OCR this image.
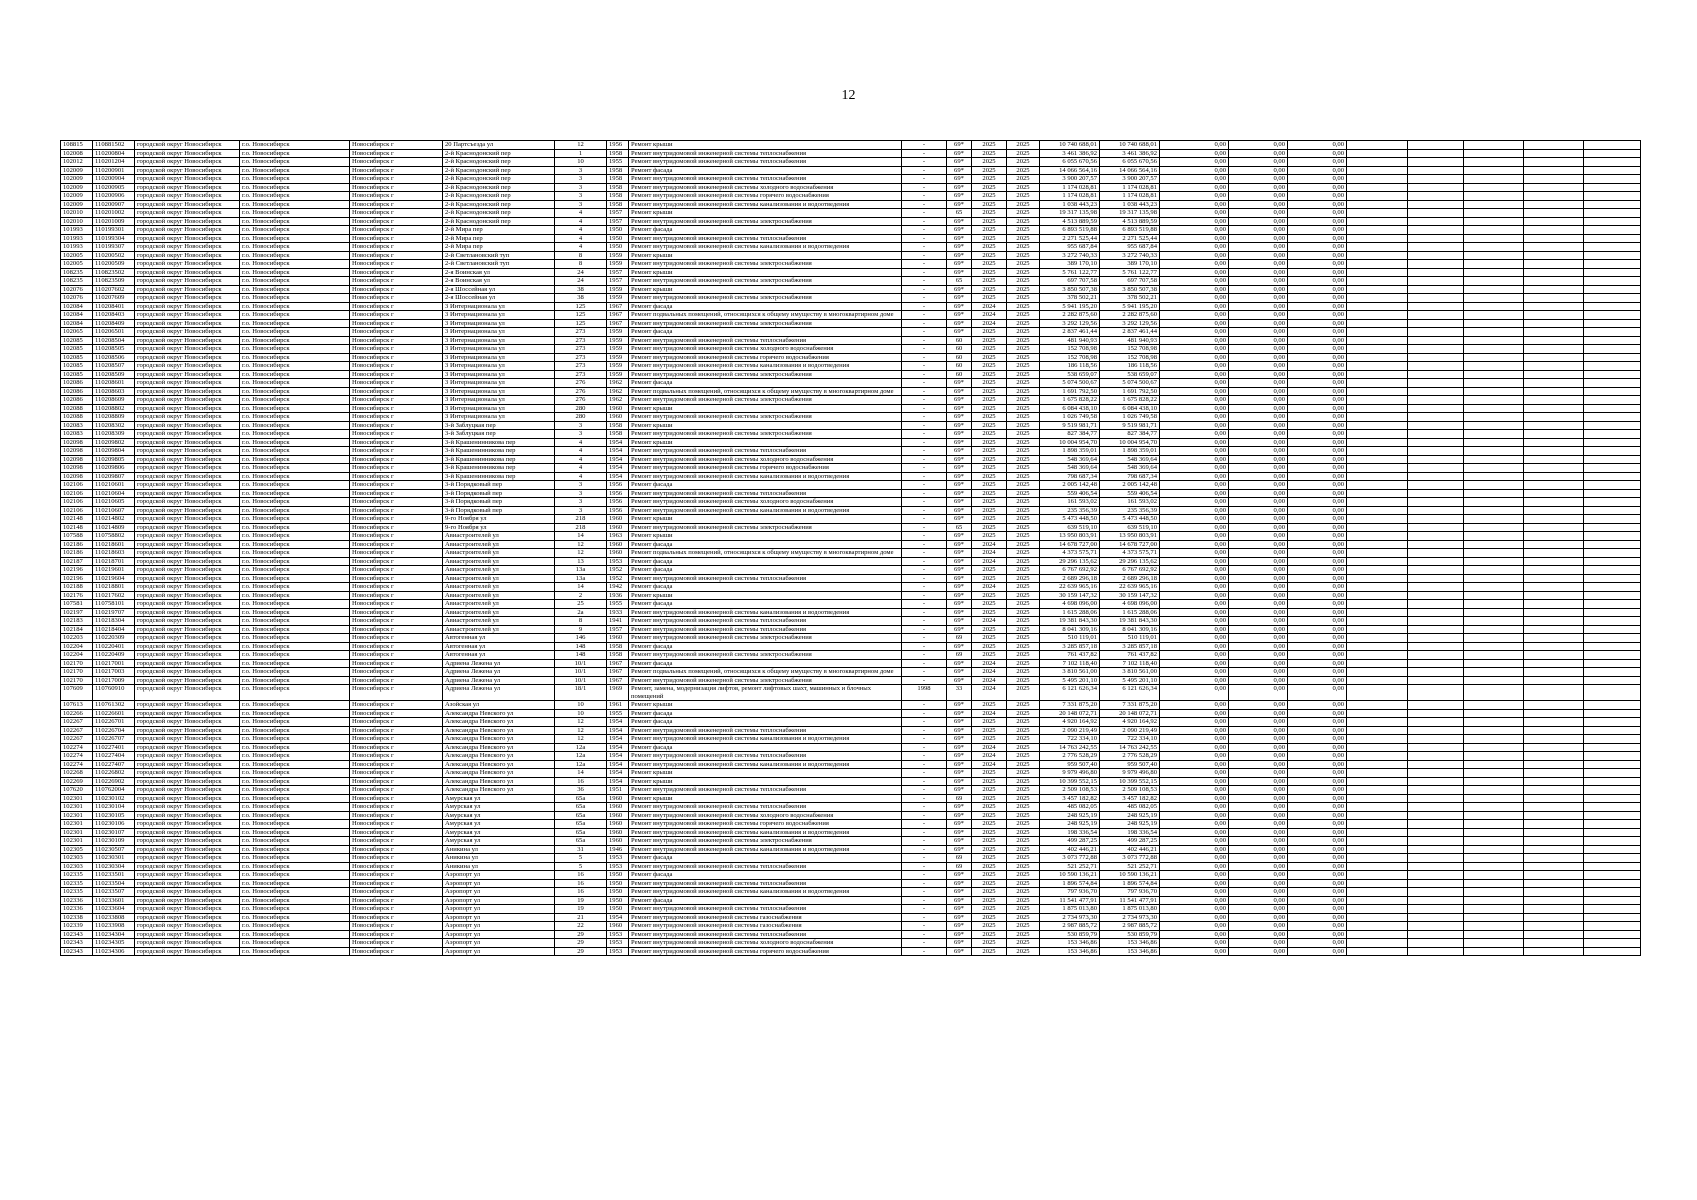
12
108815	110881502	городской округ Новосибирск	г.о. Новосибирск	Новосибирск г	20 Партсъезда ул	12	1956	Ремонт крыши	-	69*	2025	2025	10 740 688,01	10 740 688,01	0,00	0,00	0,00					
102008	110200804	городской округ Новосибирск	г.о. Новосибирск	Новосибирск г	2-й Краснодонский пер	1	1958	Ремонт внутридомовой инженерной системы теплоснабжения	-	69*	2025	2025	3 461 386,92	3 461 386,92	0,00	0,00	0,00					
102012	110201204	городской округ Новосибирск	г.о. Новосибирск	Новосибирск г	2-й Краснодонский пер	10	1955	Ремонт внутридомовой инженерной системы теплоснабжения	-	69*	2025	2025	6 055 670,56	6 055 670,56	0,00	0,00	0,00					
102009	110200901	городской округ Новосибирск	г.о. Новосибирск	Новосибирск г	2-й Краснодонский пер	3	1958	Ремонт фасада	-	69*	2025	2025	14 066 564,16	14 066 564,16	0,00	0,00	0,00					
102009	110200904	городской округ Новосибирск	г.о. Новосибирск	Новосибирск г	2-й Краснодонский пер	3	1958	Ремонт внутридомовой инженерной системы теплоснабжения	-	69*	2025	2025	3 900 207,57	3 900 207,57	0,00	0,00	0,00					
102009	110200905	городской округ Новосибирск	г.о. Новосибирск	Новосибирск г	2-й Краснодонский пер	3	1958	Ремонт внутридомовой инженерной системы холодного водоснабжения	-	69*	2025	2025	1 174 028,81	1 174 028,81	0,00	0,00	0,00					
102009	110200906	городской округ Новосибирск	г.о. Новосибирск	Новосибирск г	2-й Краснодонский пер	3	1958	Ремонт внутридомовой инженерной системы горячего водоснабжения	-	69*	2025	2025	1 174 028,81	1 174 028,81	0,00	0,00	0,00					
102009	110200907	городской округ Новосибирск	г.о. Новосибирск	Новосибирск г	2-й Краснодонский пер	3	1958	Ремонт внутридомовой инженерной системы канализования и водоотведения	-	69*	2025	2025	1 038 443,23	1 038 443,23	0,00	0,00	0,00					
102010	110201002	городской округ Новосибирск	г.о. Новосибирск	Новосибирск г	2-й Краснодонский пер	4	1957	Ремонт крыши	-	65	2025	2025	19 317 135,98	19 317 135,98	0,00	0,00	0,00					
102010	110201009	городской округ Новосибирск	г.о. Новосибирск	Новосибирск г	2-й Краснодонский пер	4	1957	Ремонт внутридомовой инженерной системы электроснабжения	-	69*	2025	2025	4 513 889,59	4 513 889,59	0,00	0,00	0,00					
101993	110199301	городской округ Новосибирск	г.о. Новосибирск	Новосибирск г	2-й Мира пер	4	1950	Ремонт фасада	-	69*	2025	2025	6 893 519,88	6 893 519,88	0,00	0,00	0,00					
101993	110199304	городской округ Новосибирск	г.о. Новосибирск	Новосибирск г	2-й Мира пер	4	1950	Ремонт внутридомовой инженерной системы теплоснабжения	-	69*	2025	2025	2 271 525,44	2 271 525,44	0,00	0,00	0,00					
101993	110199307	городской округ Новосибирск	г.о. Новосибирск	Новосибирск г	2-й Мира пер	4	1950	Ремонт внутридомовой инженерной системы канализования и водоотведения	-	69*	2025	2025	955 687,84	955 687,84	0,00	0,00	0,00					
102005	110200502	городской округ Новосибирск	г.о. Новосибирск	Новосибирск г	2-й Светлановский туп	8	1959	Ремонт крыши	-	69*	2025	2025	3 272 740,33	3 272 740,33	0,00	0,00	0,00					
102005	110200509	городской округ Новосибирск	г.о. Новосибирск	Новосибирск г	2-й Светлановский туп	8	1959	Ремонт внутридомовой инженерной системы электроснабжения	-	69*	2025	2025	389 170,10	389 170,10	0,00	0,00	0,00					
108235	110823502	городской округ Новосибирск	г.о. Новосибирск	Новосибирск г	2-я Воинская ул	24	1957	Ремонт крыши	-	69*	2025	2025	5 761 122,77	5 761 122,77	0,00	0,00	0,00					
108235	110823509	городской округ Новосибирск	г.о. Новосибирск	Новосибирск г	2-я Воинская ул	24	1957	Ремонт внутридомовой инженерной системы электроснабжения	-	65	2025	2025	697 707,58	697 707,58	0,00	0,00	0,00					
102076	110207602	городской округ Новосибирск	г.о. Новосибирск	Новосибирск г	2-я Шоссейная ул	38	1959	Ремонт крыши	-	69*	2025	2025	3 850 507,38	3 850 507,38	0,00	0,00	0,00					
102076	110207609	городской округ Новосибирск	г.о. Новосибирск	Новосибирск г	2-я Шоссейная ул	38	1959	Ремонт внутридомовой инженерной системы электроснабжения	-	69*	2025	2025	378 502,21	378 502,21	0,00	0,00	0,00					
102084	110208401	городской округ Новосибирск	г.о. Новосибирск	Новосибирск г	3 Интернационала ул	125	1967	Ремонт фасада	-	69*	2024	2025	5 941 195,20	5 941 195,20	0,00	0,00	0,00					
102084	110208403	городской округ Новосибирск	г.о. Новосибирск	Новосибирск г	3 Интернационала ул	125	1967	Ремонт подвальных помещений, относящихся к общему имуществу в многоквартирном доме	-	69*	2024	2025	2 282 875,60	2 282 875,60	0,00	0,00	0,00					
102084	110208409	городской округ Новосибирск	г.о. Новосибирск	Новосибирск г	3 Интернационала ул	125	1967	Ремонт внутридомовой инженерной системы электроснабжения	-	69*	2024	2025	3 292 129,56	3 292 129,56	0,00	0,00	0,00					
102065	110206501	городской округ Новосибирск	г.о. Новосибирск	Новосибирск г	3 Интернационала ул	273	1959	Ремонт фасада	-	69*	2025	2025	2 837 461,44	2 837 461,44	0,00	0,00	0,00					
102085	110208504	городской округ Новосибирск	г.о. Новосибирск	Новосибирск г	3 Интернационала ул	273	1959	Ремонт внутридомовой инженерной системы теплоснабжения	-	60	2025	2025	481 940,93	481 940,93	0,00	0,00	0,00					
102085	110208505	городской округ Новосибирск	г.о. Новосибирск	Новосибирск г	3 Интернационала ул	273	1959	Ремонт внутридомовой инженерной системы холодного водоснабжения	-	60	2025	2025	152 708,98	152 708,98	0,00	0,00	0,00					
102085	110208506	городской округ Новосибирск	г.о. Новосибирск	Новосибирск г	3 Интернационала ул	273	1959	Ремонт внутридомовой инженерной системы горячего водоснабжения	-	60	2025	2025	152 708,98	152 708,98	0,00	0,00	0,00					
102085	110208507	городской округ Новосибирск	г.о. Новосибирск	Новосибирск г	3 Интернационала ул	273	1959	Ремонт внутридомовой инженерной системы канализования и водоотведения	-	60	2025	2025	186 118,56	186 118,56	0,00	0,00	0,00					
102085	110208509	городской округ Новосибирск	г.о. Новосибирск	Новосибирск г	3 Интернационала ул	273	1959	Ремонт внутридомовой инженерной системы электроснабжения	-	60	2025	2025	538 659,07	538 659,07	0,00	0,00	0,00					
102086	110208601	городской округ Новосибирск	г.о. Новосибирск	Новосибирск г	3 Интернационала ул	276	1962	Ремонт фасада	-	69*	2025	2025	5 074 500,67	5 074 500,67	0,00	0,00	0,00					
102086	110208603	городской округ Новосибирск	г.о. Новосибирск	Новосибирск г	3 Интернационала ул	276	1962	Ремонт подвальных помещений, относящихся к общему имуществу в многоквартирном доме	-	69*	2025	2025	1 691 792,50	1 691 792,50	0,00	0,00	0,00					
102086	110208609	городской округ Новосибирск	г.о. Новосибирск	Новосибирск г	3 Интернационала ул	276	1962	Ремонт внутридомовой инженерной системы электроснабжения	-	69*	2025	2025	1 675 828,22	1 675 828,22	0,00	0,00	0,00					
102088	110208802	городской округ Новосибирск	г.о. Новосибирск	Новосибирск г	3 Интернационала ул	280	1960	Ремонт крыши	-	69*	2025	2025	6 084 438,10	6 084 438,10	0,00	0,00	0,00					
102088	110208809	городской округ Новосибирск	г.о. Новосибирск	Новосибирск г	3 Интернационала ул	280	1960	Ремонт внутридомовой инженерной системы электроснабжения	-	69*	2025	2025	1 026 749,58	1 026 749,58	0,00	0,00	0,00					
102083	110208302	городской округ Новосибирск	г.о. Новосибирск	Новосибирск г	3-й Заблуцкая пер	3	1958	Ремонт крыши	-	69*	2025	2025	9 519 981,71	9 519 981,71	0,00	0,00	0,00					
102083	110208309	городской округ Новосибирск	г.о. Новосибирск	Новосибирск г	3-й Заблуцкая пер	3	1958	Ремонт внутридомовой инженерной системы электроснабжения	-	69*	2025	2025	827 384,77	827 384,77	0,00	0,00	0,00					
102098	110209802	городской округ Новосибирск	г.о. Новосибирск	Новосибирск г	3-й Крашенинникова пер	4	1954	Ремонт крыши	-	69*	2025	2025	10 004 954,70	10 004 954,70	0,00	0,00	0,00					
102098	110209804	городской округ Новосибирск	г.о. Новосибирск	Новосибирск г	3-й Крашенинникова пер	4	1954	Ремонт внутридомовой инженерной системы теплоснабжения	-	69*	2025	2025	1 898 359,01	1 898 359,01	0,00	0,00	0,00					
102098	110209805	городской округ Новосибирск	г.о. Новосибирск	Новосибирск г	3-й Крашенинникова пер	4	1954	Ремонт внутридомовой инженерной системы холодного водоснабжения	-	69*	2025	2025	548 369,64	548 369,64	0,00	0,00	0,00					
102098	110209806	городской округ Новосибирск	г.о. Новосибирск	Новосибирск г	3-й Крашенинникова пер	4	1954	Ремонт внутридомовой инженерной системы горячего водоснабжения	-	69*	2025	2025	548 369,64	548 369,64	0,00	0,00	0,00					
102098	110209807	городской округ Новосибирск	г.о. Новосибирск	Новосибирск г	3-й Крашенинникова пер	4	1954	Ремонт внутридомовой инженерной системы канализования и водоотведения	-	69*	2025	2025	798 687,34	798 687,34	0,00	0,00	0,00					
102106	110210601	городской округ Новосибирск	г.о. Новосибирск	Новосибирск г	3-й Порядковый пер	3	1956	Ремонт фасада	-	69*	2025	2025	2 005 142,48	2 005 142,48	0,00	0,00	0,00					
102106	110210604	городской округ Новосибирск	г.о. Новосибирск	Новосибирск г	3-й Порядковый пер	3	1956	Ремонт внутридомовой инженерной системы теплоснабжения	-	69*	2025	2025	559 406,54	559 406,54	0,00	0,00	0,00					
102106	110210605	городской округ Новосибирск	г.о. Новосибирск	Новосибирск г	3-й Порядковый пер	3	1956	Ремонт внутридомовой инженерной системы холодного водоснабжения	-	69*	2025	2025	161 593,02	161 593,02	0,00	0,00	0,00					
102106	110210607	городской округ Новосибирск	г.о. Новосибирск	Новосибирск г	3-й Порядковый пер	3	1956	Ремонт внутридомовой инженерной системы канализования и водоотведения	-	69*	2025	2025	235 356,39	235 356,39	0,00	0,00	0,00					
102148	110214802	городской округ Новосибирск	г.о. Новосибирск	Новосибирск г	9-го Ноября ул	218	1960	Ремонт крыши	-	69*	2025	2025	5 473 448,50	5 473 448,50	0,00	0,00	0,00					
102148	110214809	городской округ Новосибирск	г.о. Новосибирск	Новосибирск г	9-го Ноября ул	218	1960	Ремонт внутридомовой инженерной системы электроснабжения	-	65	2025	2025	639 519,10	639 519,10	0,00	0,00	0,00					
107588	110758802	городской округ Новосибирск	г.о. Новосибирск	Новосибирск г	Авиастроителей ул	14	1963	Ремонт крыши	-	69*	2025	2025	13 950 803,91	13 950 803,91	0,00	0,00	0,00					
102186	110218601	городской округ Новосибирск	г.о. Новосибирск	Новосибирск г	Авиастроителей ул	12	1960	Ремонт фасада	-	69*	2024	2025	14 678 727,00	14 678 727,00	0,00	0,00	0,00					
102186	110218603	городской округ Новосибирск	г.о. Новосибирск	Новосибирск г	Авиастроителей ул	12	1960	Ремонт подвальных помещений, относящихся к общему имуществу в многоквартирном доме	-	69*	2024	2025	4 373 575,71	4 373 575,71	0,00	0,00	0,00					
102187	110218701	городской округ Новосибирск	г.о. Новосибирск	Новосибирск г	Авиастроителей ул	13	1953	Ремонт фасада	-	69*	2024	2025	29 296 135,62	29 296 135,62	0,00	0,00	0,00					
102196	110219601	городской округ Новосибирск	г.о. Новосибирск	Новосибирск г	Авиастроителей ул	13а	1952	Ремонт фасада	-	69*	2025	2025	6 767 692,92	6 767 692,92	0,00	0,00	0,00					
102196	110219604	городской округ Новосибирск	г.о. Новосибирск	Новосибирск г	Авиастроителей ул	13а	1952	Ремонт внутридомовой инженерной системы теплоснабжения	-	69*	2025	2025	2 689 296,18	2 689 296,18	0,00	0,00	0,00					
102188	110218801	городской округ Новосибирск	г.о. Новосибирск	Новосибирск г	Авиастроителей ул	14	1942	Ремонт фасада	-	69*	2024	2025	22 639 965,16	22 639 965,16	0,00	0,00	0,00					
102176	110217602	городской округ Новосибирск	г.о. Новосибирск	Новосибирск г	Авиастроителей ул	2	1936	Ремонт крыши	-	69*	2025	2025	30 159 147,32	30 159 147,32	0,00	0,00	0,00					
107581	110758101	городской округ Новосибирск	г.о. Новосибирск	Новосибирск г	Авиастроителей ул	25	1955	Ремонт фасада	-	69*	2025	2025	4 698 096,00	4 698 096,00	0,00	0,00	0,00					
102197	110219707	городской округ Новосибирск	г.о. Новосибирск	Новосибирск г	Авиастроителей ул	2а	1933	Ремонт внутридомовой инженерной системы канализования и водоотведения	-	69*	2025	2025	1 615 288,06	1 615 288,06	0,00	0,00	0,00					
102183	110218304	городской округ Новосибирск	г.о. Новосибирск	Новосибирск г	Авиастроителей ул	8	1941	Ремонт внутридомовой инженерной системы теплоснабжения	-	69*	2024	2025	19 381 843,30	19 381 843,30	0,00	0,00	0,00					
102184	110218404	городской округ Новосибирск	г.о. Новосибирск	Новосибирск г	Авиастроителей ул	9	1957	Ремонт внутридомовой инженерной системы теплоснабжения	-	69*	2025	2025	8 041 309,16	8 041 309,16	0,00	0,00	0,00					
102203	110220309	городской округ Новосибирск	г.о. Новосибирск	Новосибирск г	Автогенная ул	146	1960	Ремонт внутридомовой инженерной системы электроснабжения	-	69	2025	2025	510 119,01	510 119,01	0,00	0,00	0,00					
102204	110220401	городской округ Новосибирск	г.о. Новосибирск	Новосибирск г	Автогенная ул	148	1958	Ремонт фасада	-	69*	2025	2025	3 285 857,18	3 285 857,18	0,00	0,00	0,00					
102204	110220409	городской округ Новосибирск	г.о. Новосибирск	Новосибирск г	Автогенная ул	148	1958	Ремонт внутридомовой инженерной системы электроснабжения	-	69	2025	2025	761 437,82	761 437,82	0,00	0,00	0,00					
102170	110217001	городской округ Новосибирск	г.о. Новосибирск	Новосибирск г	Адриена Лежена ул	10/1	1967	Ремонт фасада	-	69*	2024	2025	7 102 118,40	7 102 118,40	0,00	0,00	0,00					
102170	110217003	городской округ Новосибирск	г.о. Новосибирск	Новосибирск г	Адриена Лежена ул	10/1	1967	Ремонт подвальных помещений, относящихся к общему имуществу в многоквартирном доме	-	69*	2024	2025	3 810 561,00	3 810 561,00	0,00	0,00	0,00					
102170	110217009	городской округ Новосибирск	г.о. Новосибирск	Новосибирск г	Адриена Лежена ул	10/1	1967	Ремонт внутридомовой инженерной системы электроснабжения	-	69*	2024	2025	5 495 201,10	5 495 201,10	0,00	0,00	0,00					
107609	110760910	городской округ Новосибирск	г.о. Новосибирск	Новосибирск г	Адриена Лежена ул	18/1	1969	Ремонт, замена, модернизация лифтов, ремонт лифтовых шахт, машинных и блочных помещений	1998	33	2024	2025	6 121 626,34	6 121 626,34	0,00	0,00	0,00					
107613	110761302	городской округ Новосибирск	г.о. Новосибирск	Новосибирск г	Азойская ул	10	1961	Ремонт крыши	-	69*	2025	2025	7 331 875,20	7 331 875,20	0,00	0,00	0,00					
102266	110226601	городской округ Новосибирск	г.о. Новосибирск	Новосибирск г	Александра Невского ул	10	1955	Ремонт фасада	-	69*	2024	2025	20 148 072,71	20 148 072,71	0,00	0,00	0,00					
102267	110226701	городской округ Новосибирск	г.о. Новосибирск	Новосибирск г	Александра Невского ул	12	1954	Ремонт фасада	-	69*	2025	2025	4 920 164,92	4 920 164,92	0,00	0,00	0,00					
102267	110226704	городской округ Новосибирск	г.о. Новосибирск	Новосибирск г	Александра Невского ул	12	1954	Ремонт внутридомовой инженерной системы теплоснабжения	-	69*	2025	2025	2 090 219,49	2 090 219,49	0,00	0,00	0,00					
102267	110226707	городской округ Новосибирск	г.о. Новосибирск	Новосибирск г	Александра Невского ул	12	1954	Ремонт внутридомовой инженерной системы канализования и водоотведения	-	69*	2025	2025	722 334,10	722 334,10	0,00	0,00	0,00					
102274	110227401	городской округ Новосибирск	г.о. Новосибирск	Новосибирск г	Александра Невского ул	12а	1954	Ремонт фасада	-	69*	2024	2025	14 763 242,55	14 763 242,55	0,00	0,00	0,00					
102274	110227404	городской округ Новосибирск	г.о. Новосибирск	Новосибирск г	Александра Невского ул	12а	1954	Ремонт внутридомовой инженерной системы теплоснабжения	-	69*	2024	2025	2 776 528,29	2 776 528,29	0,00	0,00	0,00					
102274	110227407	городской округ Новосибирск	г.о. Новосибирск	Новосибирск г	Александра Невского ул	12а	1954	Ремонт внутридомовой инженерной системы канализования и водоотведения	-	69*	2024	2025	959 507,40	959 507,40	0,00	0,00	0,00					
102268	110226802	городской округ Новосибирск	г.о. Новосибирск	Новосибирск г	Александра Невского ул	14	1954	Ремонт крыши	-	69*	2025	2025	9 979 496,80	9 979 496,80	0,00	0,00	0,00					
102269	110226902	городской округ Новосибирск	г.о. Новосибирск	Новосибирск г	Александра Невского ул	16	1954	Ремонт крыши	-	69*	2025	2025	10 399 552,15	10 399 552,15	0,00	0,00	0,00					
107620	110762004	городской округ Новосибирск	г.о. Новосибирск	Новосибирск г	Александра Невского ул	36	1951	Ремонт внутридомовой инженерной системы теплоснабжения	-	69*	2025	2025	2 509 108,53	2 509 108,53	0,00	0,00	0,00					
102301	110230102	городской округ Новосибирск	г.о. Новосибирск	Новосибирск г	Амурская ул	65а	1960	Ремонт крыши	-	69	2025	2025	3 457 182,82	3 457 182,82	0,00	0,00	0,00					
102301	110230104	городской округ Новосибирск	г.о. Новосибирск	Новосибирск г	Амурская ул	65а	1960	Ремонт внутридомовой инженерной системы теплоснабжения	-	69*	2025	2025	485 082,05	485 082,05	0,00	0,00	0,00					
102301	110230105	городской округ Новосибирск	г.о. Новосибирск	Новосибирск г	Амурская ул	65а	1960	Ремонт внутридомовой инженерной системы холодного водоснабжения	-	69*	2025	2025	248 925,19	248 925,19	0,00	0,00	0,00					
102301	110230106	городской округ Новосибирск	г.о. Новосибирск	Новосибирск г	Амурская ул	65а	1960	Ремонт внутридомовой инженерной системы горячего водоснабжения	-	69*	2025	2025	248 925,19	248 925,19	0,00	0,00	0,00					
102301	110230107	городской округ Новосибирск	г.о. Новосибирск	Новосибирск г	Амурская ул	65а	1960	Ремонт внутридомовой инженерной системы канализования и водоотведения	-	69*	2025	2025	198 336,54	198 336,54	0,00	0,00	0,00					
102301	110230109	городской округ Новосибирск	г.о. Новосибирск	Новосибирск г	Амурская ул	65а	1960	Ремонт внутридомовой инженерной системы электроснабжения	-	69*	2025	2025	499 287,25	499 287,25	0,00	0,00	0,00					
102305	110230507	городской округ Новосибирск	г.о. Новосибирск	Новосибирск г	Аникина ул	31	1946	Ремонт внутридомовой инженерной системы канализования и водоотведения	-	69*	2025	2025	402 446,21	402 446,21	0,00	0,00	0,00					
102303	110230301	городской округ Новосибирск	г.о. Новосибирск	Новосибирск г	Аникина ул	5	1953	Ремонт фасада	-	69	2025	2025	3 073 772,88	3 073 772,88	0,00	0,00	0,00					
102303	110230304	городской округ Новосибирск	г.о. Новосибирск	Новосибирск г	Аникина ул	5	1953	Ремонт внутридомовой инженерной системы теплоснабжения	-	69	2025	2025	521 252,71	521 252,71	0,00	0,00	0,00					
102335	110233501	городской округ Новосибирск	г.о. Новосибирск	Новосибирск г	Аэропорт ул	16	1950	Ремонт фасада	-	69*	2025	2025	10 590 136,21	10 590 136,21	0,00	0,00	0,00					
102335	110233504	городской округ Новосибирск	г.о. Новосибирск	Новосибирск г	Аэропорт ул	16	1950	Ремонт внутридомовой инженерной системы теплоснабжения	-	69*	2025	2025	1 896 574,84	1 896 574,84	0,00	0,00	0,00					
102335	110233507	городской округ Новосибирск	г.о. Новосибирск	Новосибирск г	Аэропорт ул	16	1950	Ремонт внутридомовой инженерной системы канализования и водоотведения	-	69*	2025	2025	797 936,70	797 936,70	0,00	0,00	0,00					
102336	110233601	городской округ Новосибирск	г.о. Новосибирск	Новосибирск г	Аэропорт ул	19	1950	Ремонт фасада	-	69*	2025	2025	11 541 477,91	11 541 477,91	0,00	0,00	0,00					
102336	110233604	городской округ Новосибирск	г.о. Новосибирск	Новосибирск г	Аэропорт ул	19	1950	Ремонт внутридомовой инженерной системы теплоснабжения	-	69*	2025	2025	1 875 013,80	1 875 013,80	0,00	0,00	0,00					
102338	110233808	городской округ Новосибирск	г.о. Новосибирск	Новосибирск г	Аэропорт ул	21	1954	Ремонт внутридомовой инженерной системы газоснабжения	-	69*	2025	2025	2 734 973,30	2 734 973,30	0,00	0,00	0,00					
102339	110233908	городской округ Новосибирск	г.о. Новосибирск	Новосибирск г	Аэропорт ул	22	1960	Ремонт внутридомовой инженерной системы газоснабжения	-	69*	2025	2025	2 987 885,72	2 987 885,72	0,00	0,00	0,00					
102343	110234304	городской округ Новосибирск	г.о. Новосибирск	Новосибирск г	Аэропорт ул	29	1953	Ремонт внутридомовой инженерной системы теплоснабжения	-	69*	2025	2025	530 859,79	530 859,79	0,00	0,00	0,00					
102343	110234305	городской округ Новосибирск	г.о. Новосибирск	Новосибирск г	Аэропорт ул	29	1953	Ремонт внутридомовой инженерной системы холодного водоснабжения	-	69*	2025	2025	153 346,86	153 346,86	0,00	0,00	0,00					
102343	110234306	городской округ Новосибирск	г.о. Новосибирск	Новосибирск г	Аэропорт ул	29	1953	Ремонт внутридомовой инженерной системы горячего водоснабжения	-	69*	2025	2025	153 346,86	153 346,86	0,00	0,00	0,00					
